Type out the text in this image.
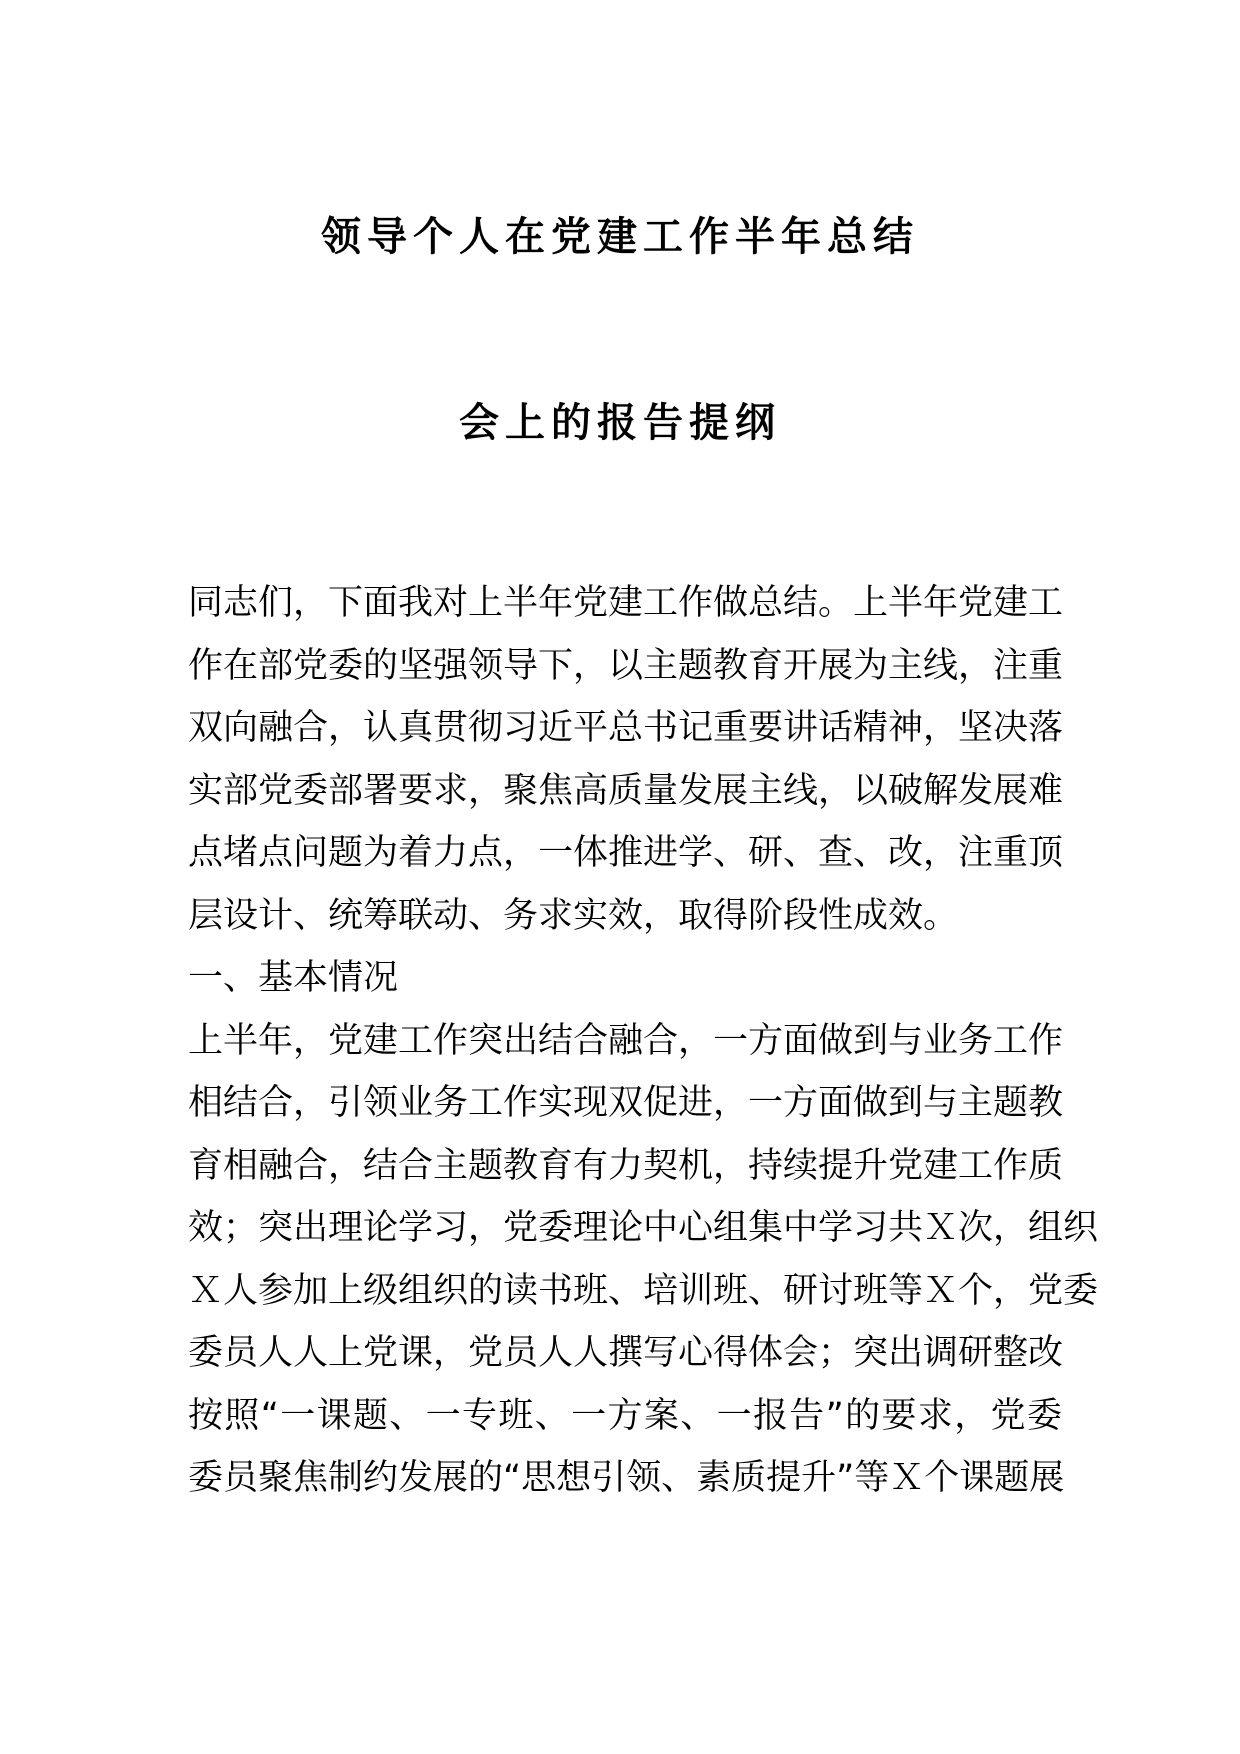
领导个人在党建工作半年总结
会上的报告提纲
同志们，下面我对上半年党建工作做总结。上半年党建工
作在部党委的坚强领导下，以主题教育开展为主线，注重
双向融合，认真贯彻习近平总书记重要讲话精神，坚决落
实部党委部署要求，聚焦高质量发展主线，以破解发展难
点堵点问题为着力点，一体推进学、研、查、改，注重顶
层设计、统筹联动、务求实效，取得阶段性成效。
一、基本情况
上半年，党建工作突出结合融合，一方面做到与业务工作
相结合，引领业务工作实现双促进，一方面做到与主题教
育相融合，结合主题教育有力契机，持续提升党建工作质
效；突出理论学习，党委理论中心组集中学习共Ｘ次，组织
Ｘ人参加上级组织的读书班、培训班、研讨班等Ｘ个，党委
委员人人上党课，党员人人撰写心得体会；突出调研整改
按照“一课题、一专班、一方案、一报告”的要求，党委
委员聚焦制约发展的“思想引领、素质提升”等Ｘ个课题展
